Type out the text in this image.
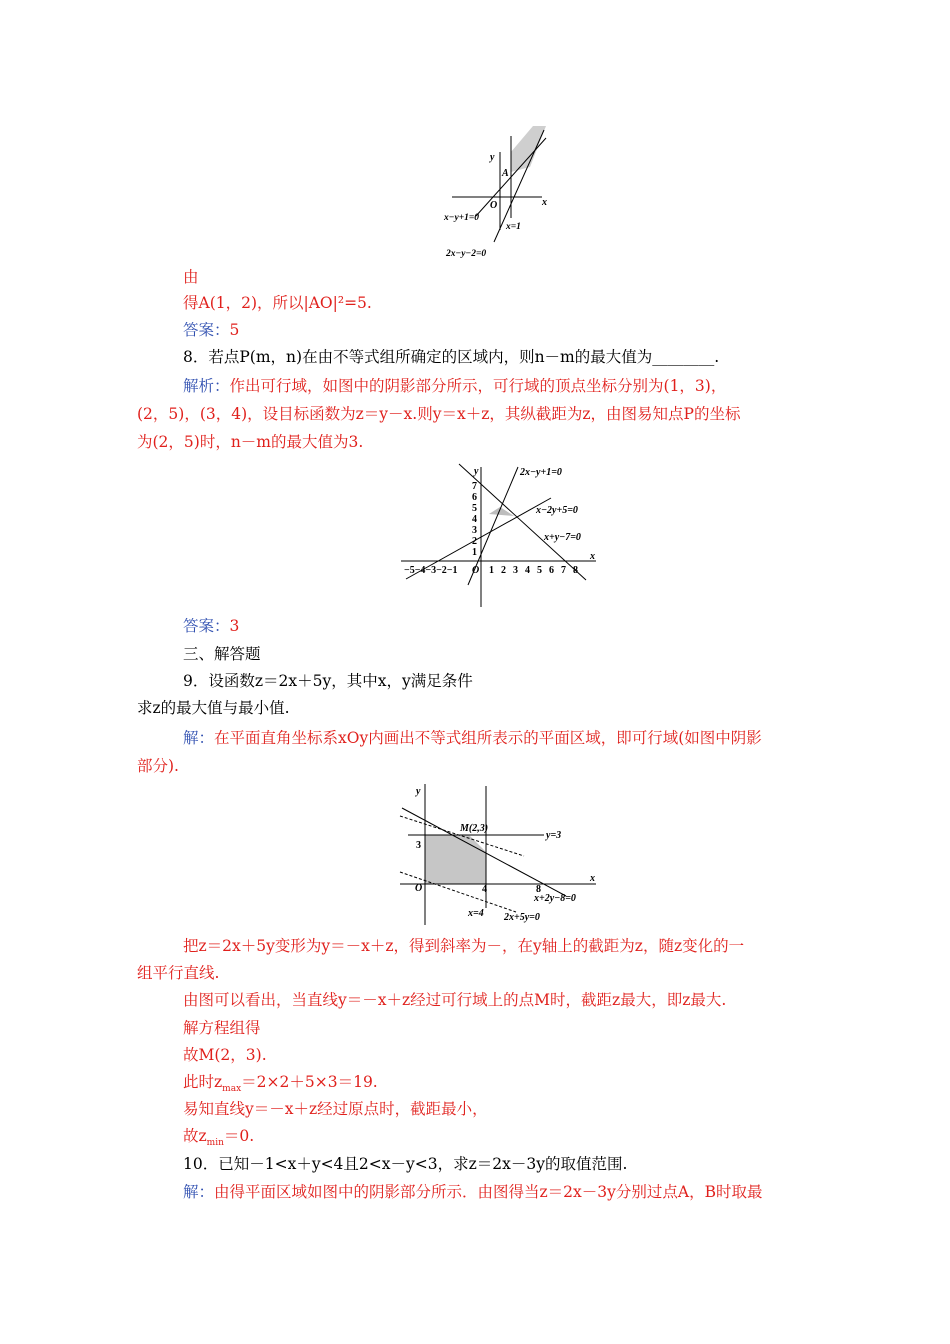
y
x
O
A
x−y+1=0
x=1
2x−y−2=0
由
得A(1，2)，所以|AO|²=5.
答案：5
8．若点P(m，n)在由不等式组所确定的区域内，则n－m的最大值为________.
解析：作出可行域，如图中的阴影部分所示，可行域的顶点坐标分别为(1，3)，
(2，5)，(3，4)，设目标函数为z＝y－x.则y＝x＋z，其纵截距为z，由图易知点P的坐标
为(2，5)时，n－m的最大值为3.
y
x
O
1
2
3
4
5
6
7
−5−4−3−2−1	1 2 3 4 5 6 7 8
2x−y+1=0
x−2y+5=0
x+y−7=0
答案：3
三、解答题
9．设函数z＝2x＋5y，其中x，y满足条件
求z的最大值与最小值.
解：在平面直角坐标系xOy内画出不等式组所表示的平面区域，即可行域(如图中阴影
部分).
y
x
O
M(2,3)
3
4	8
y=3
x+2y−8=0
x=4 2x+5y=0
把z＝2x＋5y变形为y＝－x＋z，得到斜率为－，在y轴上的截距为z，随z变化的一
组平行直线.
由图可以看出，当直线y＝－x＋z经过可行域上的点M时，截距z最大，即z最大.
解方程组得
故M(2，3).
此时$z_{max}=2\times 2+5\times 3=19$.
易知直线y＝－x＋z经过原点时，截距最小，
故$z_{min}=0$.
10．已知－1<x＋y<4且2<x－y<3，求z＝2x－3y的取值范围.
解：由得平面区域如图中的阴影部分所示．由图得当z＝2x－3y分别过点A，B时取最
